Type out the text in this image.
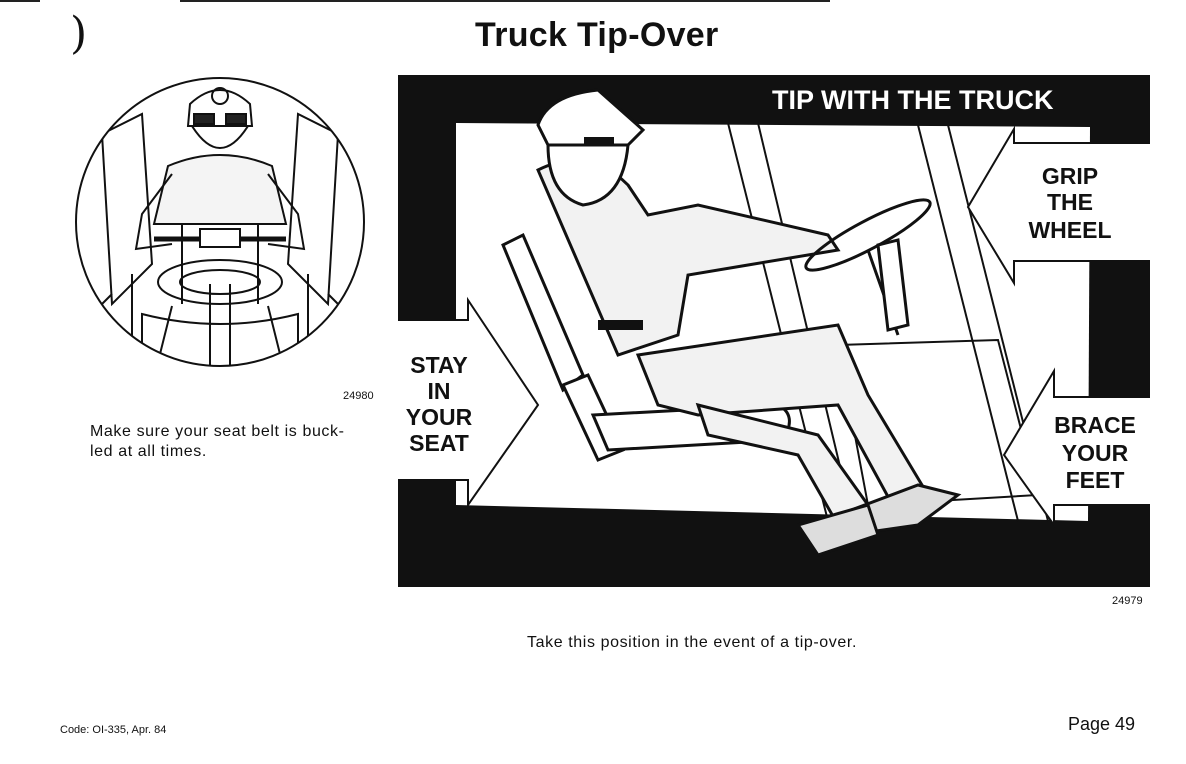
)	Truck Tip-Over
24980
Make sure your seat belt is buck-
led at all times.
TIP WITH THE TRUCK
STAY
IN
YOUR
SEAT
GRIP
THE
WHEEL
BRACE
YOUR
FEET
24979
Take this position in the event of a tip-over.
Code: OI-335, Apr. 84	Page 49
